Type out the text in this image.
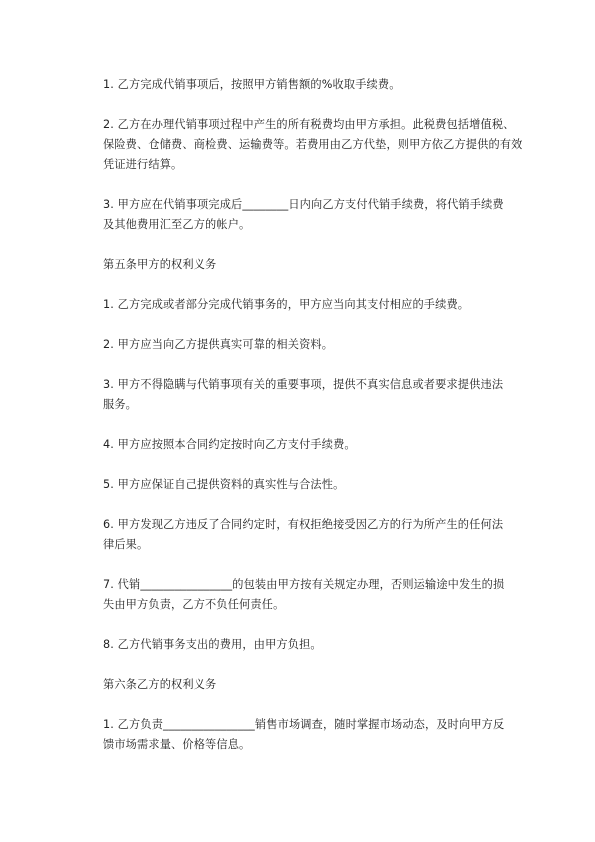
1. 乙方完成代销事项后，按照甲方销售额的%收取手续费。

2. 乙方在办理代销事项过程中产生的所有税费均由甲方承担。此税费包括增值税、
保险费、仓储费、商检费、运输费等。若费用由乙方代垫，则甲方依乙方提供的有效
凭证进行结算。

3. 甲方应在代销事项完成后________日内向乙方支付代销手续费，将代销手续费
及其他费用汇至乙方的帐户。

第五条甲方的权利义务

1. 乙方完成或者部分完成代销事务的，甲方应当向其支付相应的手续费。

2. 甲方应当向乙方提供真实可靠的相关资料。

3. 甲方不得隐瞒与代销事项有关的重要事项，提供不真实信息或者要求提供违法
服务。

4. 甲方应按照本合同约定按时向乙方支付手续费。

5. 甲方应保证自己提供资料的真实性与合法性。

6. 甲方发现乙方违反了合同约定时，有权拒绝接受因乙方的行为所产生的任何法
律后果。

7. 代销________________的包装由甲方按有关规定办理，否则运输途中发生的损
失由甲方负责，乙方不负任何责任。

8. 乙方代销事务支出的费用，由甲方负担。

第六条乙方的权利义务

1. 乙方负责________________销售市场调查，随时掌握市场动态，及时向甲方反
馈市场需求量、价格等信息。
